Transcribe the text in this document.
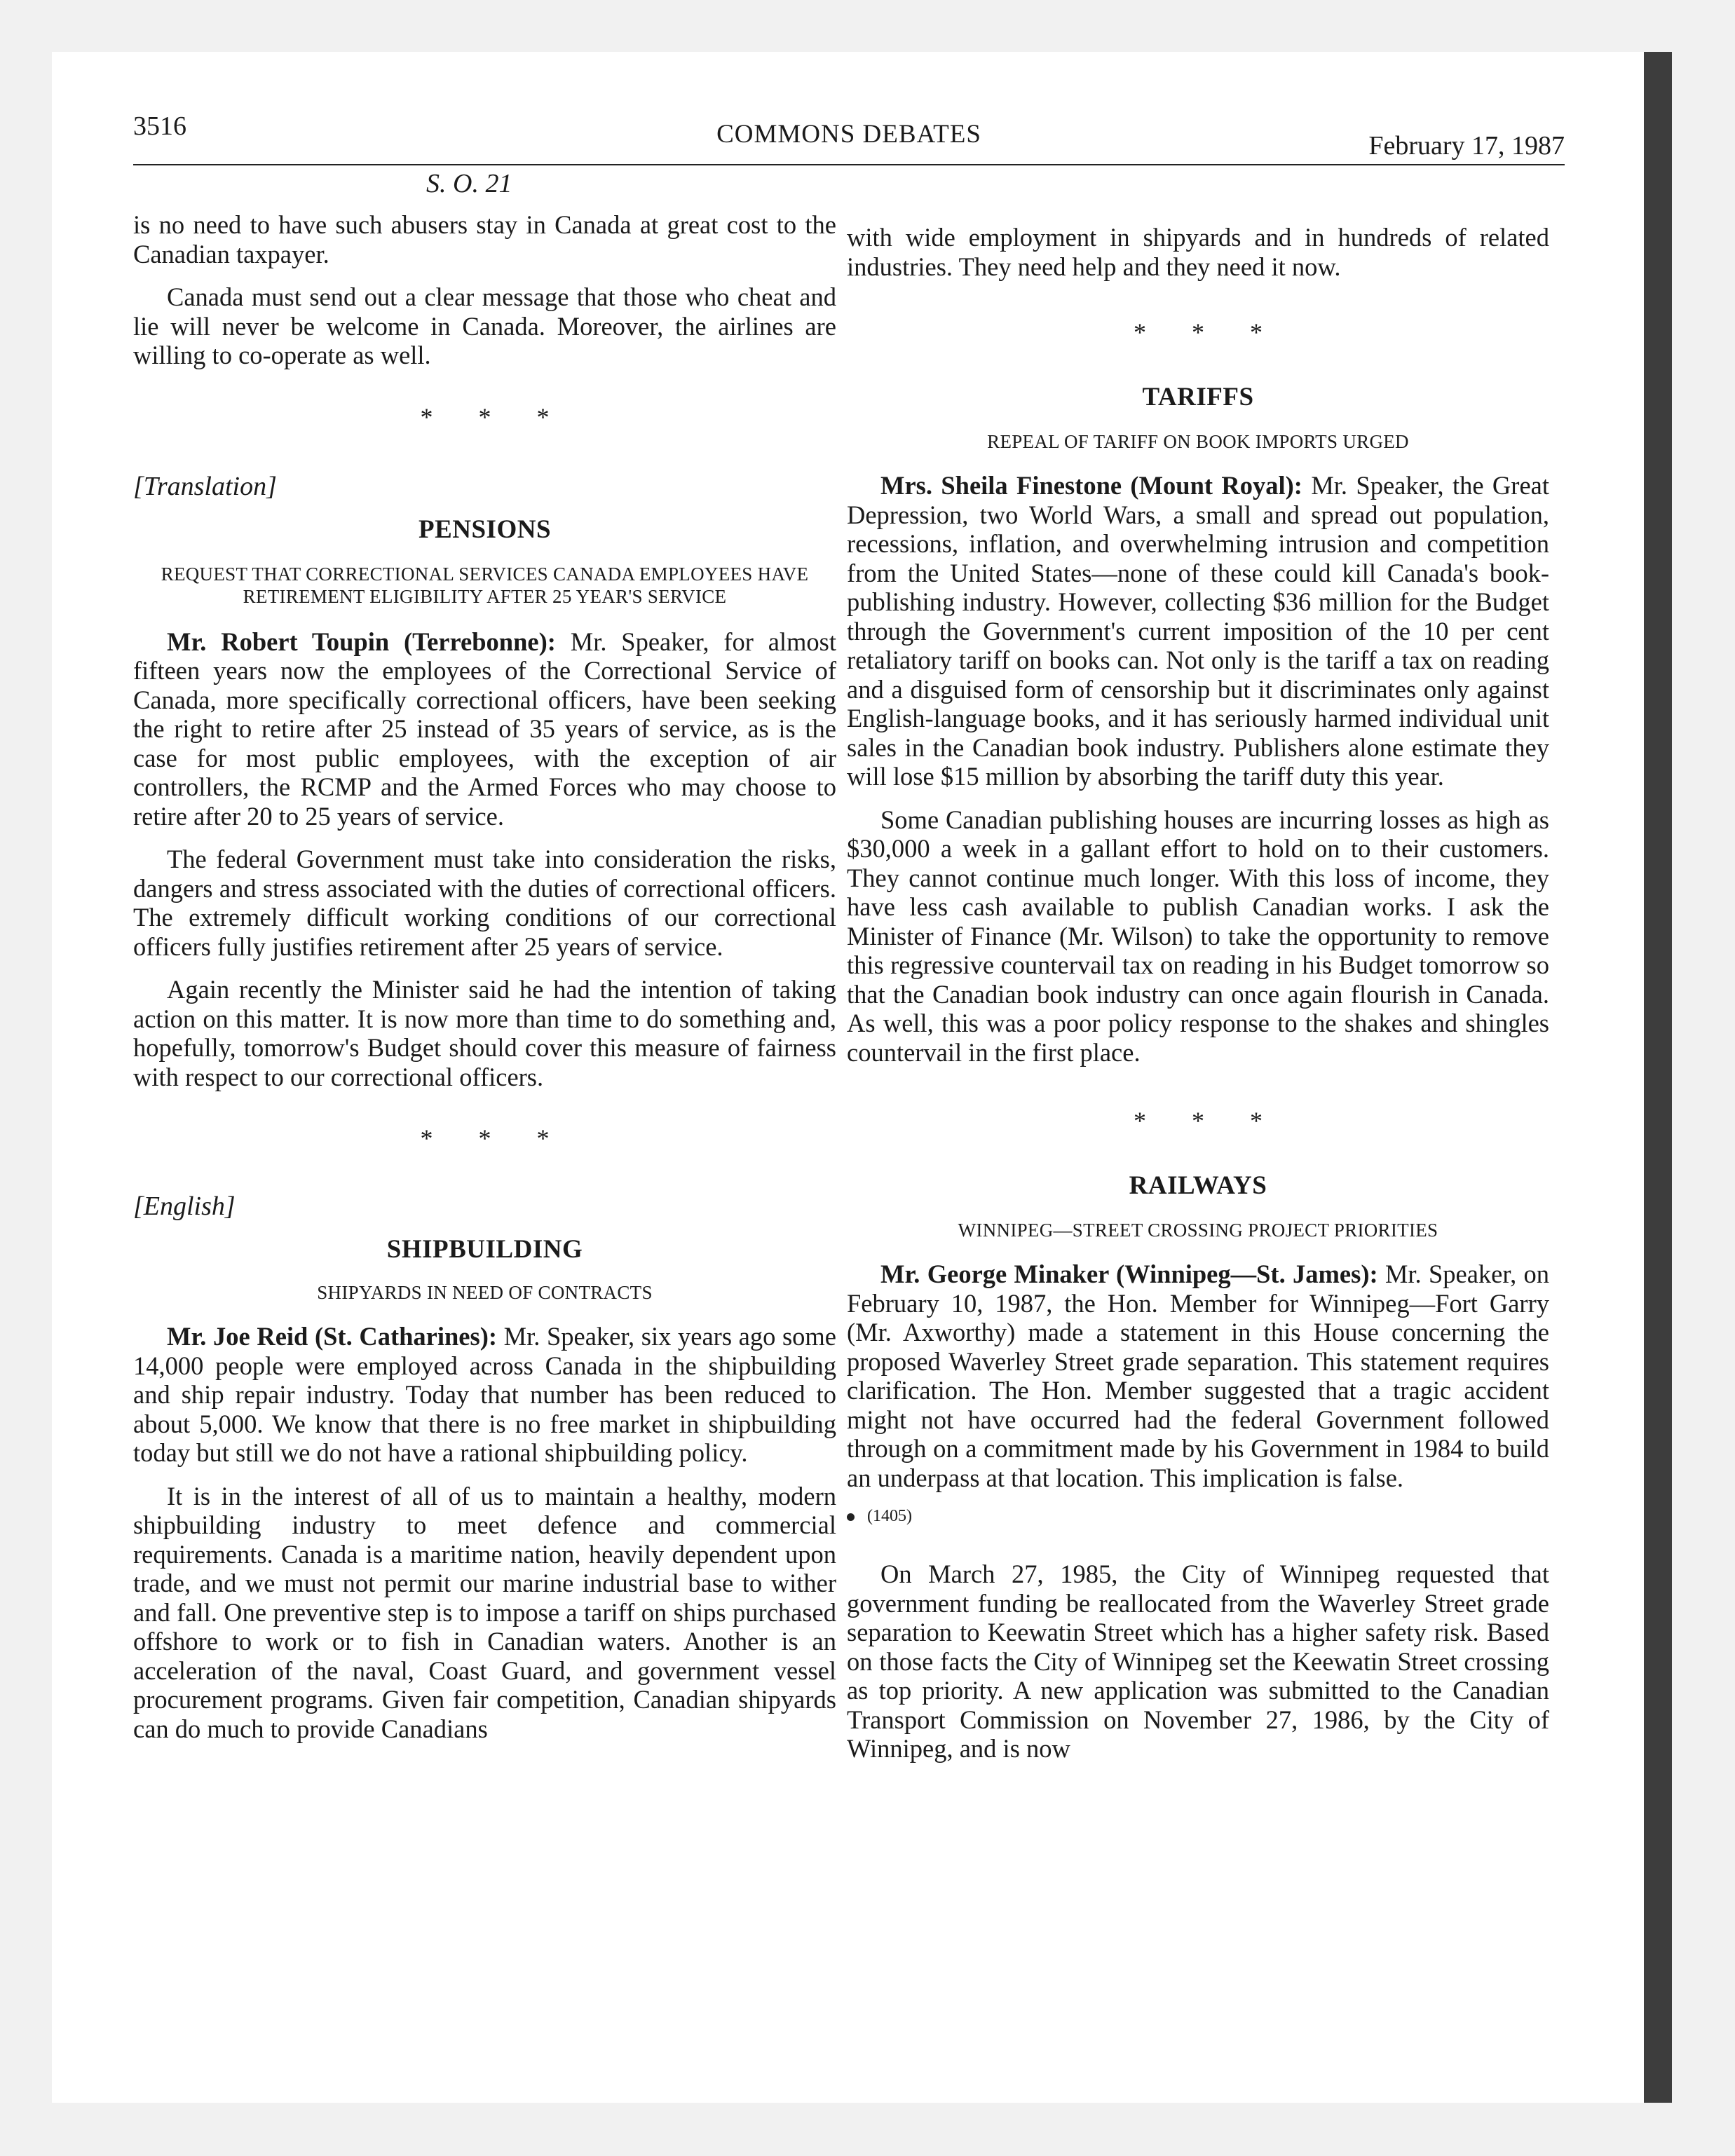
3516	COMMONS DEBATES	February 17, 1987
S. O. 21

is no need to have such abusers stay in Canada at great cost to the Canadian taxpayer.

Canada must send out a clear message that those who cheat and lie will never be welcome in Canada. Moreover, the airlines are willing to co-operate as well.

* * *
[Translation]
PENSIONS
REQUEST THAT CORRECTIONAL SERVICES CANADA EMPLOYEES HAVE RETIREMENT ELIGIBILITY AFTER 25 YEAR'S SERVICE

Mr. Robert Toupin (Terrebonne): Mr. Speaker, for almost fifteen years now the employees of the Correctional Service of Canada, more specifically correctional officers, have been seeking the right to retire after 25 instead of 35 years of service, as is the case for most public employees, with the exception of air controllers, the RCMP and the Armed Forces who may choose to retire after 20 to 25 years of service.

The federal Government must take into consideration the risks, dangers and stress associated with the duties of correctional officers. The extremely difficult working conditions of our correctional officers fully justifies retirement after 25 years of service.

Again recently the Minister said he had the intention of taking action on this matter. It is now more than time to do something and, hopefully, tomorrow's Budget should cover this measure of fairness with respect to our correctional officers.

* * *
[English]
SHIPBUILDING
SHIPYARDS IN NEED OF CONTRACTS

Mr. Joe Reid (St. Catharines): Mr. Speaker, six years ago some 14,000 people were employed across Canada in the shipbuilding and ship repair industry. Today that number has been reduced to about 5,000. We know that there is no free market in shipbuilding today but still we do not have a rational shipbuilding policy.

It is in the interest of all of us to maintain a healthy, modern shipbuilding industry to meet defence and commercial requirements. Canada is a maritime nation, heavily dependent upon trade, and we must not permit our marine industrial base to wither and fall. One preventive step is to impose a tariff on ships purchased offshore to work or to fish in Canadian waters. Another is an acceleration of the naval, Coast Guard, and government vessel procurement programs. Given fair competition, Canadian shipyards can do much to provide Canadians

with wide employment in shipyards and in hundreds of related industries. They need help and they need it now.

* * *
TARIFFS
REPEAL OF TARIFF ON BOOK IMPORTS URGED

Mrs. Sheila Finestone (Mount Royal): Mr. Speaker, the Great Depression, two World Wars, a small and spread out population, recessions, inflation, and overwhelming intrusion and competition from the United States—none of these could kill Canada's book-publishing industry. However, collecting $36 million for the Budget through the Government's current imposition of the 10 per cent retaliatory tariff on books can. Not only is the tariff a tax on reading and a disguised form of censorship but it discriminates only against English-language books, and it has seriously harmed individual unit sales in the Canadian book industry. Publishers alone estimate they will lose $15 million by absorbing the tariff duty this year.

Some Canadian publishing houses are incurring losses as high as $30,000 a week in a gallant effort to hold on to their customers. They cannot continue much longer. With this loss of income, they have less cash available to publish Canadian works. I ask the Minister of Finance (Mr. Wilson) to take the opportunity to remove this regressive countervail tax on reading in his Budget tomorrow so that the Canadian book industry can once again flourish in Canada. As well, this was a poor policy response to the shakes and shingles countervail in the first place.

* * *
RAILWAYS
WINNIPEG—STREET CROSSING PROJECT PRIORITIES

Mr. George Minaker (Winnipeg—St. James): Mr. Speaker, on February 10, 1987, the Hon. Member for Winnipeg—Fort Garry (Mr. Axworthy) made a statement in this House concerning the proposed Waverley Street grade separation. This statement requires clarification. The Hon. Member suggested that a tragic accident might not have occurred had the federal Government followed through on a commitment made by his Government in 1984 to build an underpass at that location. This implication is false.

(1405)

On March 27, 1985, the City of Winnipeg requested that government funding be reallocated from the Waverley Street grade separation to Keewatin Street which has a higher safety risk. Based on those facts the City of Winnipeg set the Keewatin Street crossing as top priority. A new application was submitted to the Canadian Transport Commission on November 27, 1986, by the City of Winnipeg, and is now
